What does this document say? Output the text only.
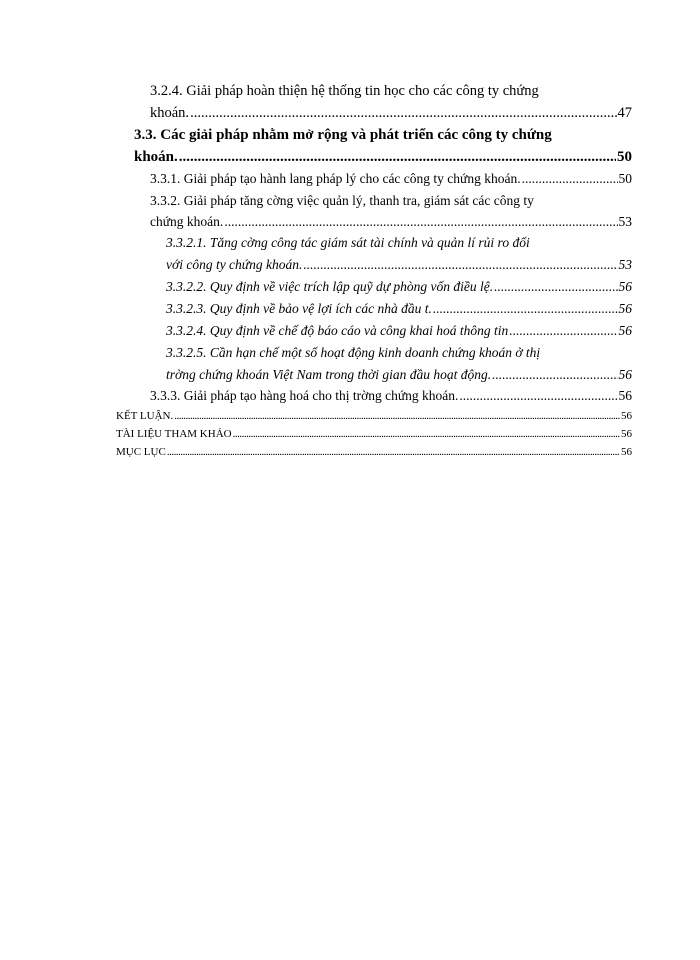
3.2.4. Giải pháp hoàn thiện hệ thống tin học cho các công ty chứng
khoán. .....	47
3.3. Các giải pháp nhằm mở rộng và phát triển các công ty chứng
khoán. .....	50
3.3.1. Giải pháp tạo hành lang pháp lý cho các công ty chứng khoán. .....	50
3.3.2. Giải pháp tăng cờng việc quản lý, thanh tra, giám sát các công ty
chứng khoán. .....	53
3.3.2.1. Tăng cờng công tác giám sát tài chính và quản lí rủi ro đối
với công ty chứng khoán. .....	53
3.3.2.2. Quy định về việc trích lập quỹ dự phòng vốn điều lệ. .....	56
3.3.2.3. Quy định về bảo vệ lợi ích các nhà đầu t. .....	56
3.3.2.4. Quy định về chế độ báo cáo và công khai hoá thông tin .....	56
3.3.2.5. Cần hạn chế một số hoạt động kinh doanh chứng khoán ở thị
trờng chứng khoán Việt Nam trong thời gian đầu hoạt động. .....	56
3.3.3. Giải pháp tạo hàng hoá cho thị trờng chứng khoán. .....	56
KẾT LUẬN. .....	56
TÀI LIỆU THAM KHẢO .....	56
MỤC LỤC .....	56
